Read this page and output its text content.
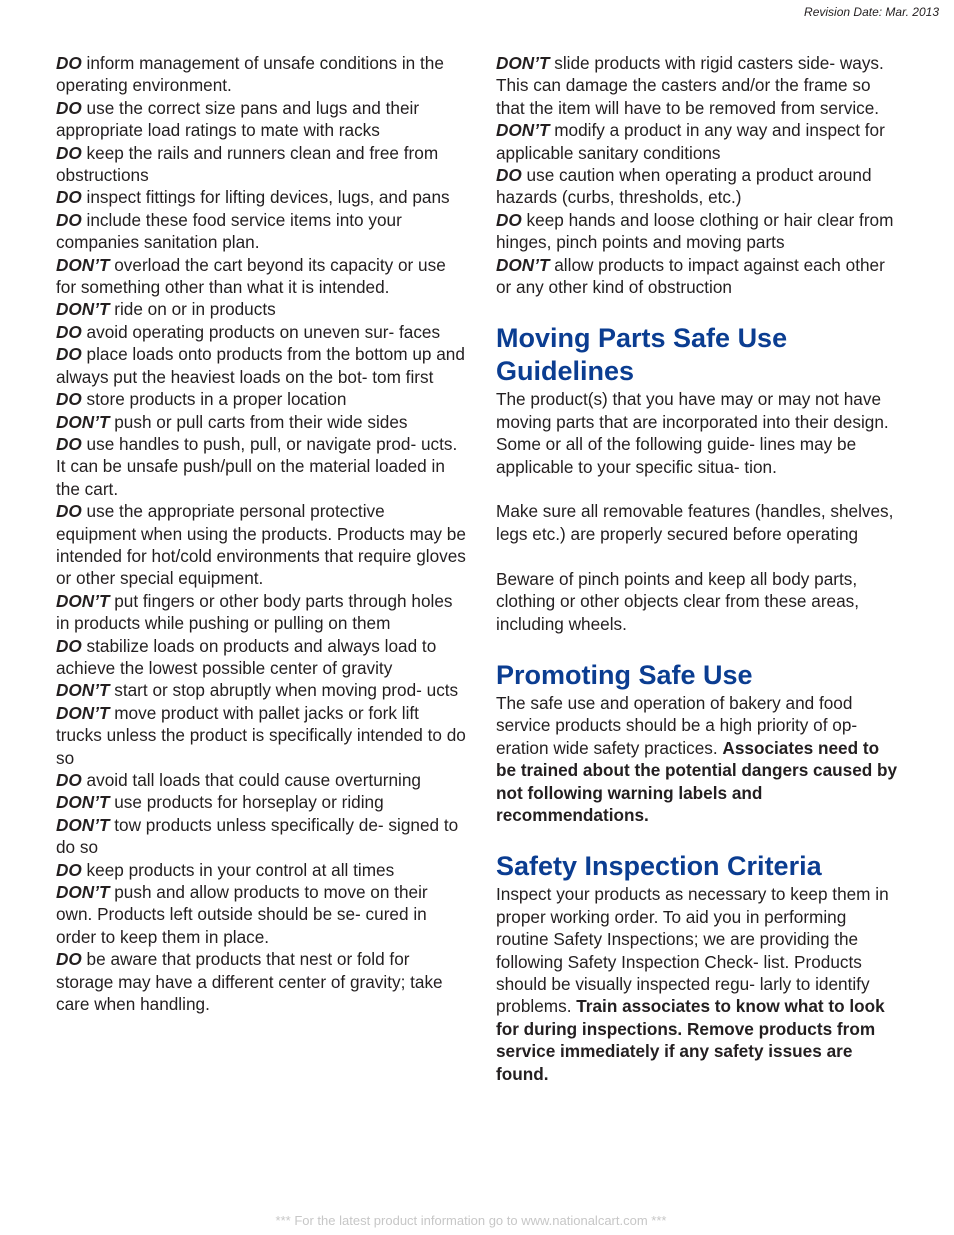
Revision Date: Mar. 2013
DO inform management of unsafe conditions in the operating environment.
DO use the correct size pans and lugs and their appropriate load ratings to mate with racks
DO keep the rails and runners clean and free from obstructions
DO inspect fittings for lifting devices, lugs, and pans
DO include these food service items into your companies sanitation plan.
DON’T overload the cart beyond its capacity or use for something other than what it is intended.
DON’T ride on or in products
DO avoid operating products on uneven sur- faces
DO place loads onto products from the bottom up and always put the heaviest loads on the bot- tom first
DO store products in a proper location
DON’T push or pull carts from their wide sides
DO use handles to push, pull, or navigate prod- ucts. It can be unsafe push/pull on the material loaded in the cart.
DO use the appropriate personal protective equipment when using the products. Products may be intended for hot/cold environments that require gloves or other special equipment.
DON’T put fingers or other body parts through holes in products while pushing or pulling on them
DO stabilize loads on products and always load to achieve the lowest possible center of gravity
DON’T start or stop abruptly when moving prod- ucts
DON’T move product with pallet jacks or fork lift trucks unless the product is specifically intended to do so
DO avoid tall loads that could cause overturning
DON’T use products for horseplay or riding
DON’T tow products unless specifically de- signed to do so
DO keep products in your control at all times
DON’T push and allow products to move on their own. Products left outside should be se- cured in order to keep them in place.
DO be aware that products that nest or fold for storage may have a different center of gravity; take care when handling.
DON’T slide products with rigid casters side- ways. This can damage the casters and/or the frame so that the item will have to be removed from service.
DON’T modify a product in any way and inspect for applicable sanitary conditions
DO use caution when operating a product around hazards (curbs, thresholds, etc.)
DO keep hands and loose clothing or hair clear from hinges, pinch points and moving parts
DON’T allow products to impact against each other or any other kind of obstruction
Moving Parts Safe Use Guidelines

The product(s) that you have may or may not have moving parts that are incorporated into their design. Some or all of the following guide- lines may be applicable to your specific situa- tion.

Make sure all removable features (handles, shelves, legs etc.) are properly secured before operating

Beware of pinch points and keep all body parts, clothing or other objects clear from these areas, including wheels.

Promoting Safe Use

The safe use and operation of bakery and food service products should be a high priority of op- eration wide safety practices. Associates need to be trained about the potential dangers caused by not following warning labels and recommendations.

Safety Inspection Criteria

Inspect your products as necessary to keep them in proper working order. To aid you in performing routine Safety Inspections; we are providing the following Safety Inspection Check- list. Products should be visually inspected regu- larly to identify problems. Train associates to know what to look for during inspections. Remove products from service immediately if any safety issues are found.

*** For the latest product information go to www.nationalcart.com ***
